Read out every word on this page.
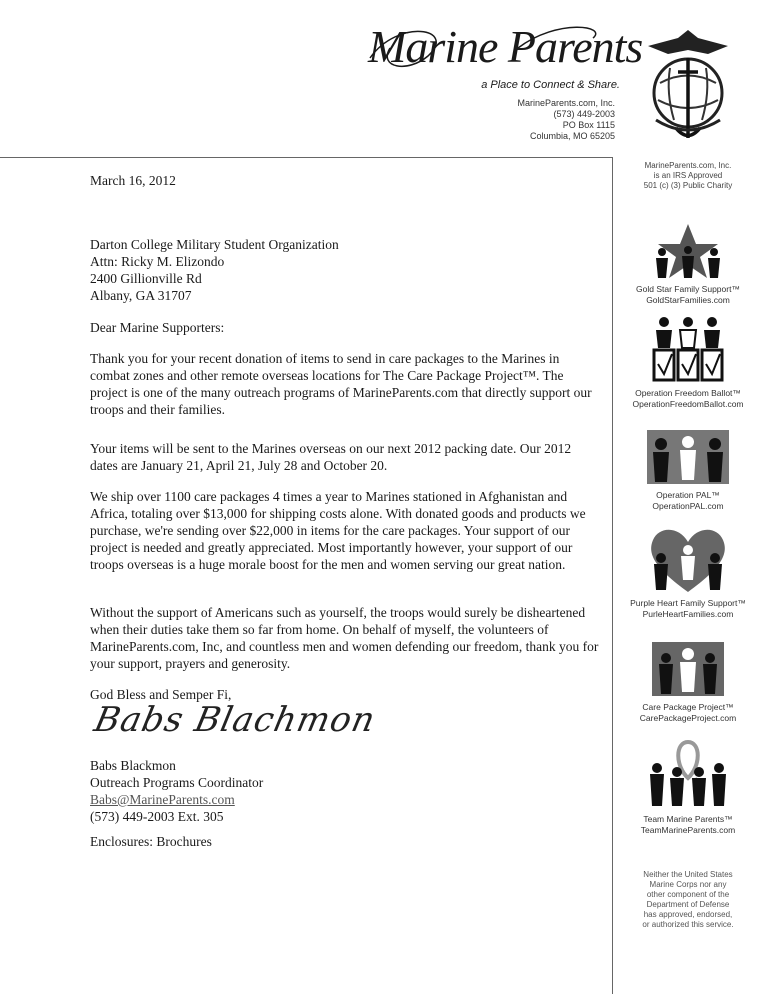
Marine Parents
a Place to Connect & Share.
MarineParents.com, Inc.
(573) 449-2003
PO Box 1115
Columbia, MO 65205
MarineParents.com, Inc.
is an IRS Approved
501 (c) (3) Public Charity
Gold Star Family Support™
GoldStarFamilies.com
Operation Freedom Ballot™
OperationFreedomBallot.com
Operation PAL™
OperationPAL.com
Purple Heart Family Support™
PurleHeartFamilies.com
Care Package Project™
CarePackageProject.com
Team Marine Parents™
TeamMarineParents.com
Neither the United States
Marine Corps nor any
other component of the
Department of Defense
has approved, endorsed,
or authorized this service.
March 16, 2012
Darton College Military Student Organization
Attn: Ricky M. Elizondo
2400 Gillionville Rd
Albany, GA 31707
Dear Marine Supporters:

Thank you for your recent donation of items to send in care packages to the Marines in combat zones and other remote overseas locations for The Care Package Project™. The project is one of the many outreach programs of MarineParents.com that directly support our troops and their families.

Your items will be sent to the Marines overseas on our next 2012 packing date. Our 2012 dates are January 21, April 21, July 28 and October 20.

We ship over 1100 care packages 4 times a year to Marines stationed in Afghanistan and Africa, totaling over $13,000 for shipping costs alone. With donated goods and products we purchase, we're sending over $22,000 in items for the care packages. Your support of our project is needed and greatly appreciated. Most importantly however, your support of our troops overseas is a huge morale boost for the men and women serving our great nation.

Without the support of Americans such as yourself, the troops would surely be disheartened when their duties take them so far from home. On behalf of myself, the volunteers of MarineParents.com, Inc, and countless men and women defending our freedom, thank you for your support, prayers and generosity.

God Bless and Semper Fi,
Babs Blachmon
Babs Blackmon
Outreach Programs Coordinator
Babs@MarineParents.com
(573) 449-2003 Ext. 305
Enclosures: Brochures
